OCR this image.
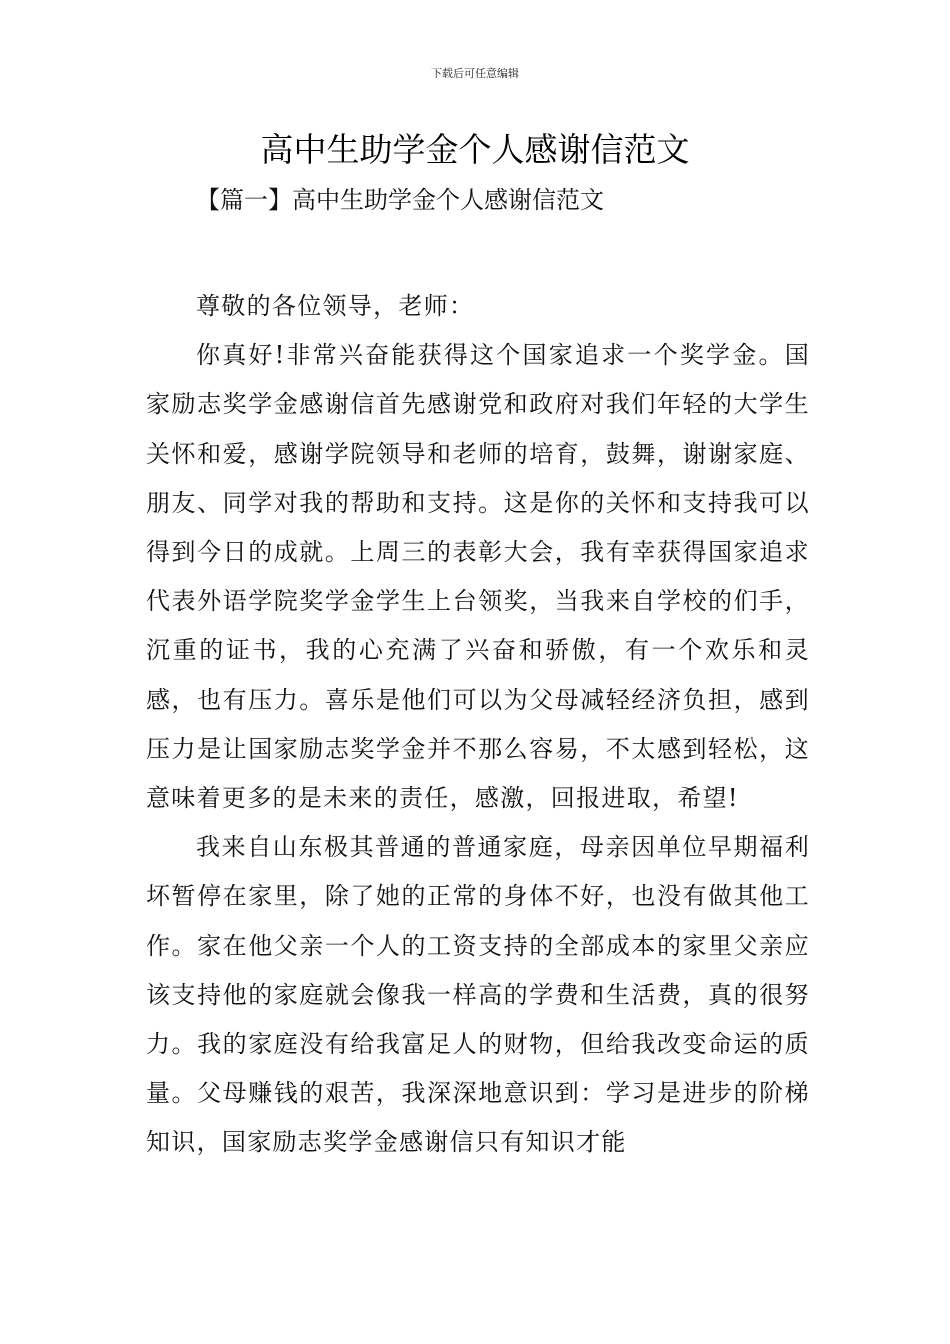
下载后可任意编辑
高中生助学金个人感谢信范文
【篇一】高中生助学金个人感谢信范文

尊敬的各位领导，老师：

你真好!非常兴奋能获得这个国家追求一个奖学金。国家励志奖学金感谢信首先感谢党和政府对我们年轻的大学生关怀和爱，感谢学院领导和老师的培育，鼓舞，谢谢家庭、朋友、同学对我的帮助和支持。这是你的关怀和支持我可以得到今日的成就。上周三的表彰大会，我有幸获得国家追求代表外语学院奖学金学生上台领奖，当我来自学校的们手，沉重的证书，我的心充满了兴奋和骄傲，有一个欢乐和灵感，也有压力。喜乐是他们可以为父母减轻经济负担，感到压力是让国家励志奖学金并不那么容易，不太感到轻松，这意味着更多的是未来的责任，感激，回报进取，希望!

我来自山东极其普通的普通家庭，母亲因单位早期福利坏暂停在家里，除了她的正常的身体不好，也没有做其他工作。家在他父亲一个人的工资支持的全部成本的家里父亲应该支持他的家庭就会像我一样高的学费和生活费，真的很努力。我的家庭没有给我富足人的财物，但给我改变命运的质量。父母赚钱的艰苦，我深深地意识到：学习是进步的阶梯知识，国家励志奖学金感谢信只有知识才能
